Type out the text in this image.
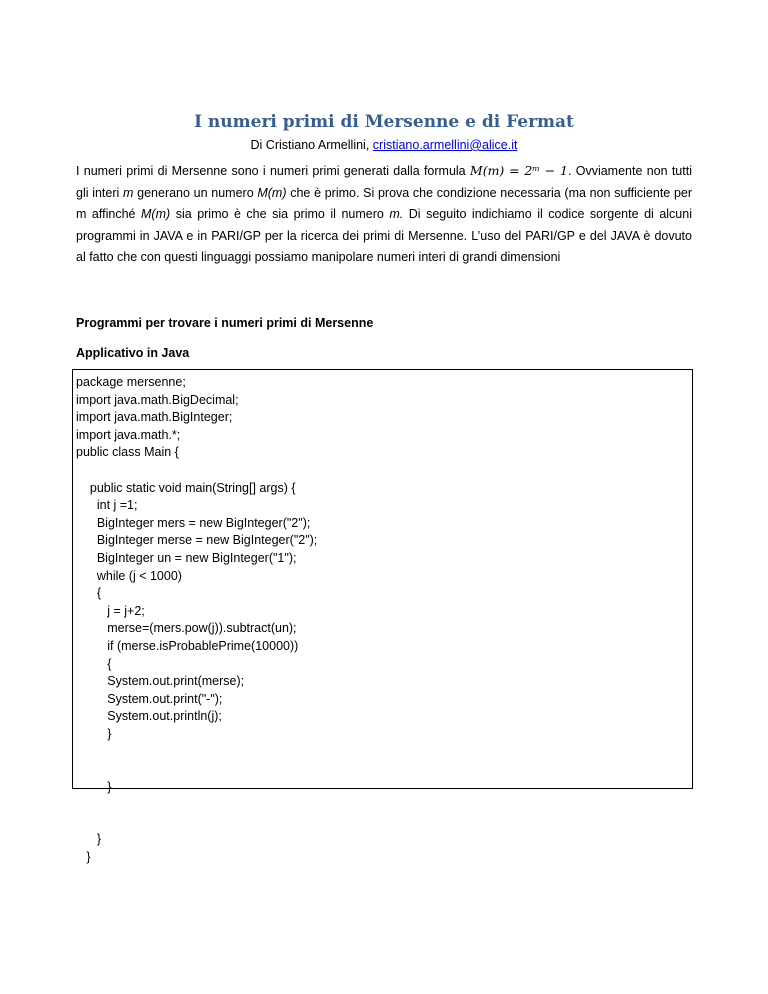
I numeri primi di Mersenne e di Fermat
Di Cristiano Armellini, cristiano.armellini@alice.it

I numeri primi di Mersenne sono i numeri primi generati dalla formula M(m) = 2ᵐ − 1. Ovviamente non tutti gli interi m generano un numero M(m) che è primo. Si prova che condizione necessaria (ma non sufficiente per m affinché M(m) sia primo è che sia primo il numero m. Di seguito indichiamo il codice sorgente di alcuni programmi in JAVA e in PARI/GP per la ricerca dei primi di Mersenne. L’uso del PARI/GP e del JAVA è dovuto al fatto che con questi linguaggi possiamo manipolare numeri interi di grandi dimensioni

Programmi per trovare i numeri primi di Mersenne

Applicativo in Java

package mersenne;
import java.math.BigDecimal;
import java.math.BigInteger;
import java.math.*;
public class Main {

public static void main(String[] args) {
int j =1;
BigInteger mers = new BigInteger("2");
BigInteger merse = new BigInteger("2");
BigInteger un = new BigInteger("1");
while (j < 1000)
{
j = j+2;
merse=(mers.pow(j)).subtract(un);
if (merse.isProbablePrime(10000))
{
System.out.print(merse);
System.out.print("-");
System.out.println(j);
}

}

}
}
